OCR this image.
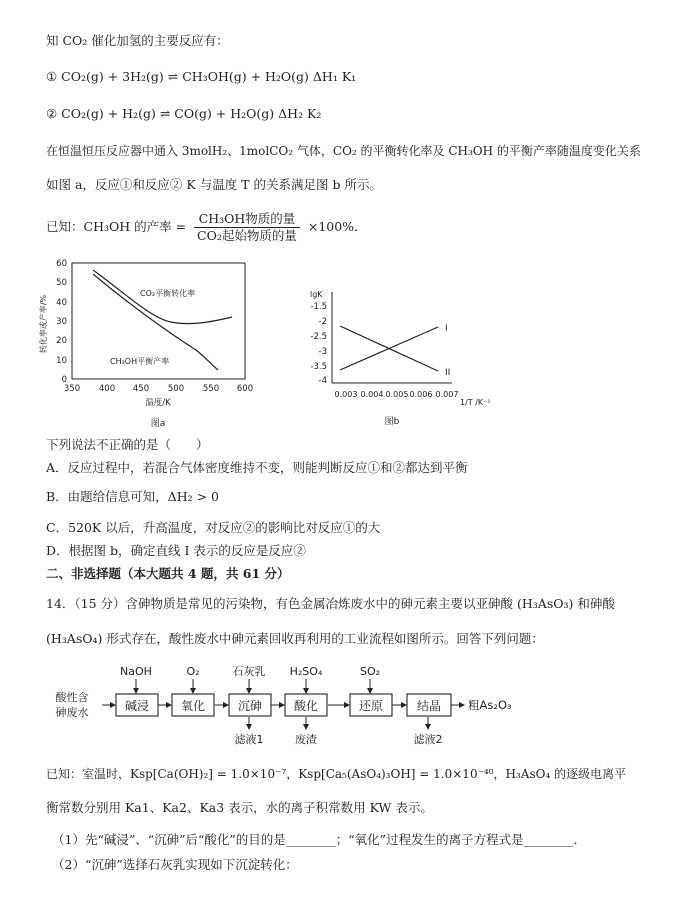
知 CO₂ 催化加氢的主要反应有：
① CO₂(g) + 3H₂(g) ⇌ CH₃OH(g) + H₂O(g) ΔH₁ K₁
② CO₂(g) + H₂(g) ⇌ CO(g) + H₂O(g) ΔH₂ K₂
在恒温恒压反应器中通入 3molH₂、1molCO₂ 气体，CO₂ 的平衡转化率及 CH₃OH 的平衡产率随温度变化关系
如图 a，反应①和反应② K 与温度 T 的关系满足图 b 所示。
已知：CH₃OH 的产率 =
CH₃OH物质的量
CO₂起始物质的量
×100%．
60
50
40
30
20
10
0
350 400 450 500 550 600
转化率或产率/%
温度/K
图a
CO₂平衡转化率
CH₃OH平衡产率
lgK
-1.5
-2
-2.5
-3
-3.5
-4
0.003 0.004 0.005 0.006 0.007
1/T /K⁻¹
图b
I
II
下列说法不正确的是（　　）
A．反应过程中，若混合气体密度维持不变，则能判断反应①和②都达到平衡
B．由题给信息可知，ΔH₂ > 0
C．520K 以后，升高温度，对反应②的影响比对反应①的大
D．根据图 b，确定直线 I 表示的反应是反应②
二、非选择题（本大题共 4 题，共 61 分）
14．（15 分）含砷物质是常见的污染物，有色金属冶炼废水中的砷元素主要以亚砷酸 (H₃AsO₃) 和砷酸
(H₃AsO₄) 形式存在，酸性废水中砷元素回收再利用的工业流程如图所示。回答下列问题：
酸性含
砷废水	碱浸	氧化	沉砷	酸化	还原	结晶
NaOH	O₂	石灰乳 H₂SO₄	SO₂
滤液1	废渣	滤液2
粗As₂O₃
已知：室温时，Ksp[Ca(OH)₂] = 1.0×10⁻⁷，Ksp[Ca₅(AsO₄)₃OH] = 1.0×10⁻⁴⁰，H₃AsO₄ 的逐级电离平
衡常数分别用 Ka1、Ka2、Ka3 表示，水的离子积常数用 KW 表示。
（1）先“碱浸”、“沉砷”后“酸化”的目的是________；“氧化”过程发生的离子方程式是________．
（2）“沉砷”选择石灰乳实现如下沉淀转化：
